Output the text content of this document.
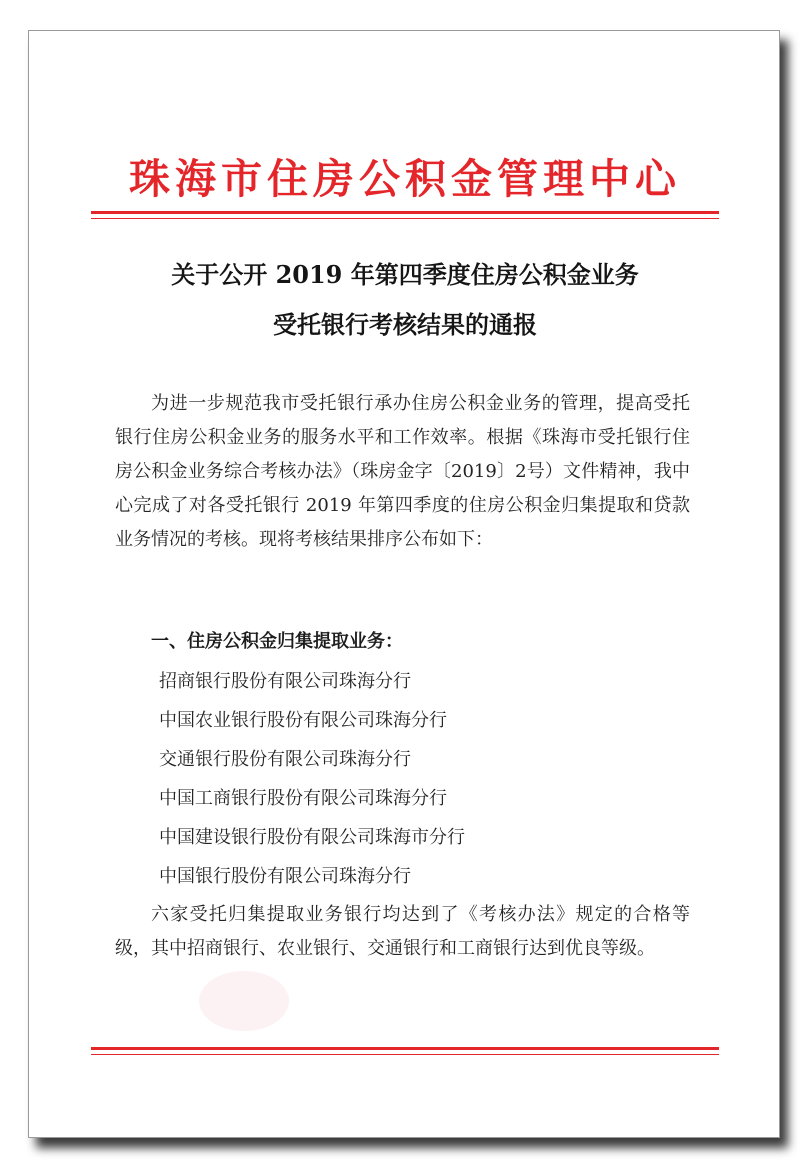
珠海市住房公积金管理中心
关于公开 2019 年第四季度住房公积金业务
受托银行考核结果的通报
为进一步规范我市受托银行承办住房公积金业务的管理，提高受托银行住房公积金业务的服务水平和工作效率。根据《珠海市受托银行住房公积金业务综合考核办法》（珠房金字〔2019〕2号）文件精神，我中心完成了对各受托银行 2019 年第四季度的住房公积金归集提取和贷款业务情况的考核。现将考核结果排序公布如下：
一、住房公积金归集提取业务：
招商银行股份有限公司珠海分行
中国农业银行股份有限公司珠海分行
交通银行股份有限公司珠海分行
中国工商银行股份有限公司珠海分行
中国建设银行股份有限公司珠海市分行
中国银行股份有限公司珠海分行
六家受托归集提取业务银行均达到了《考核办法》规定的合格等级，其中招商银行、农业银行、交通银行和工商银行达到优良等级。
